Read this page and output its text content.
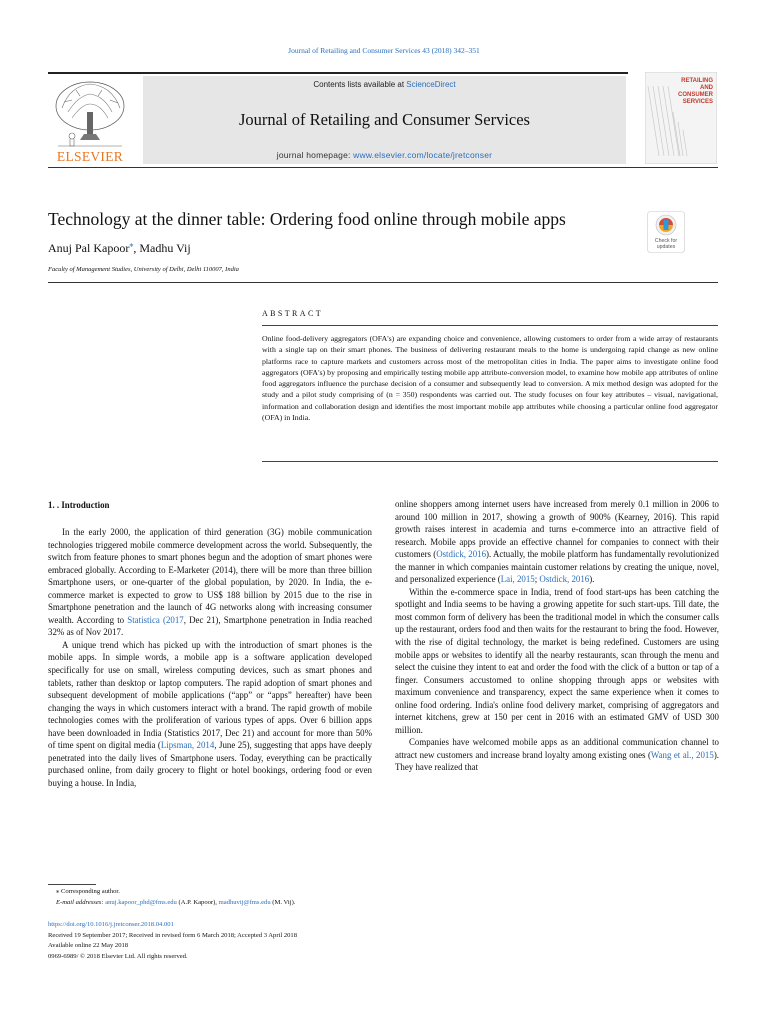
Journal of Retailing and Consumer Services 43 (2018) 342–351
ELSEVIER
Contents lists available at ScienceDirect
Journal of Retailing and Consumer Services
journal homepage: www.elsevier.com/locate/jretconser
RETAILING
AND
CONSUMER
SERVICES
Technology at the dinner table: Ordering food online through mobile apps
Anuj Pal Kapoor⁎, Madhu Vij
Faculty of Management Studies, University of Delhi, Delhi 110007, India
Check for
updates
ABSTRACT
Online food-delivery aggregators (OFA's) are expanding choice and convenience, allowing customers to order from a wide array of restaurants with a single tap on their smart phones. The business of delivering restaurant meals to the home is undergoing rapid change as new online platforms race to capture markets and customers across most of the metropolitan cities in India. The paper aims to investigate online food aggregators (OFA's) by proposing and empirically testing mobile app attribute-conversion model, to examine how mobile app attributes of online food aggregators influence the purchase decision of a consumer and subsequently lead to conversion. A mix method design was adopted for the study and a pilot study comprising of (n = 350) respondents was carried out. The study focuses on four key attributes – visual, navigational, information and collaboration design and identifies the most important mobile app attributes while choosing a particular online food aggregator (OFA) in India.
1. . Introduction

In the early 2000, the application of third generation (3G) mobile communication technologies triggered mobile commerce development across the world. Subsequently, the switch from feature phones to smart phones begun and the adoption of smart phones were embraced globally. According to E-Marketer (2014), there will be more than three billion Smartphone users, or one-quarter of the global population, by 2020. In India, the e-commerce market is expected to grow to US$ 188 billion by 2015 due to the rise in Smartphone penetration and the launch of 4G networks along with increasing consumer wealth. According to Statistica (2017, Dec 21), Smartphone penetration in India reached 32% as of Nov 2017.

A unique trend which has picked up with the introduction of smart phones is the mobile apps. In simple words, a mobile app is a software application developed specifically for use on small, wireless computing devices, such as smart phones and tablets, rather than desktop or laptop computers. The rapid adoption of smart phones and subsequent development of mobile applications (“app” or “apps” hereafter) have been changing the ways in which customers interact with a brand. The rapid growth of mobile technologies comes with the proliferation of various types of apps. Over 6 billion apps have been downloaded in India (Statistics 2017, Dec 21) and account for more than 50% of time spent on digital media (Lipsman, 2014, June 25), suggesting that apps have deeply penetrated into the daily lives of Smartphone users. Today, everything can be practically purchased online, from daily grocery to flight or hotel bookings, ordering food or even buying a house. In India,

online shoppers among internet users have increased from merely 0.1 million in 2006 to around 100 million in 2017, showing a growth of 900% (Kearney, 2016). This rapid growth raises interest in academia and turns e-commerce into an attractive field of research. Mobile apps provide an effective channel for companies to connect with their customers (Ostdick, 2016). Actually, the mobile platform has fundamentally revolutionized the manner in which companies maintain customer relations by creating the unique, novel, and personalized experience (Lai, 2015; Ostdick, 2016).

Within the e-commerce space in India, trend of food start-ups has been catching the spotlight and India seems to be having a growing appetite for such start-ups. Till date, the most common form of delivery has been the traditional model in which the consumer calls up the restaurant, orders food and then waits for the restaurant to bring the food. However, with the rise of digital technology, the market is being redefined. Customers are using mobile apps or websites to identify all the nearby restaurants, scan through the menu and select the cuisine they intent to eat and order the food with the click of a button or tap of a finger. Consumers accustomed to online shopping through apps or websites with maximum convenience and transparency, expect the same experience when it comes to online food ordering. India's online food delivery market, comprising of aggregators and internet kitchens, grew at 150 per cent in 2016 with an estimated GMV of USD 300 million.

Companies have welcomed mobile apps as an additional communication channel to attract new customers and increase brand loyalty among existing ones (Wang et al., 2015). They have realized that

⁎ Corresponding author.
E-mail addresses: anuj.kapoor_phd@fms.edu (A.P. Kapoor), madhuvij@fms.edu (M. Vij).
https://doi.org/10.1016/j.jretconser.2018.04.001
Received 19 September 2017; Received in revised form 6 March 2018; Accepted 3 April 2018
Available online 22 May 2018
0969-6989/ © 2018 Elsevier Ltd. All rights reserved.
